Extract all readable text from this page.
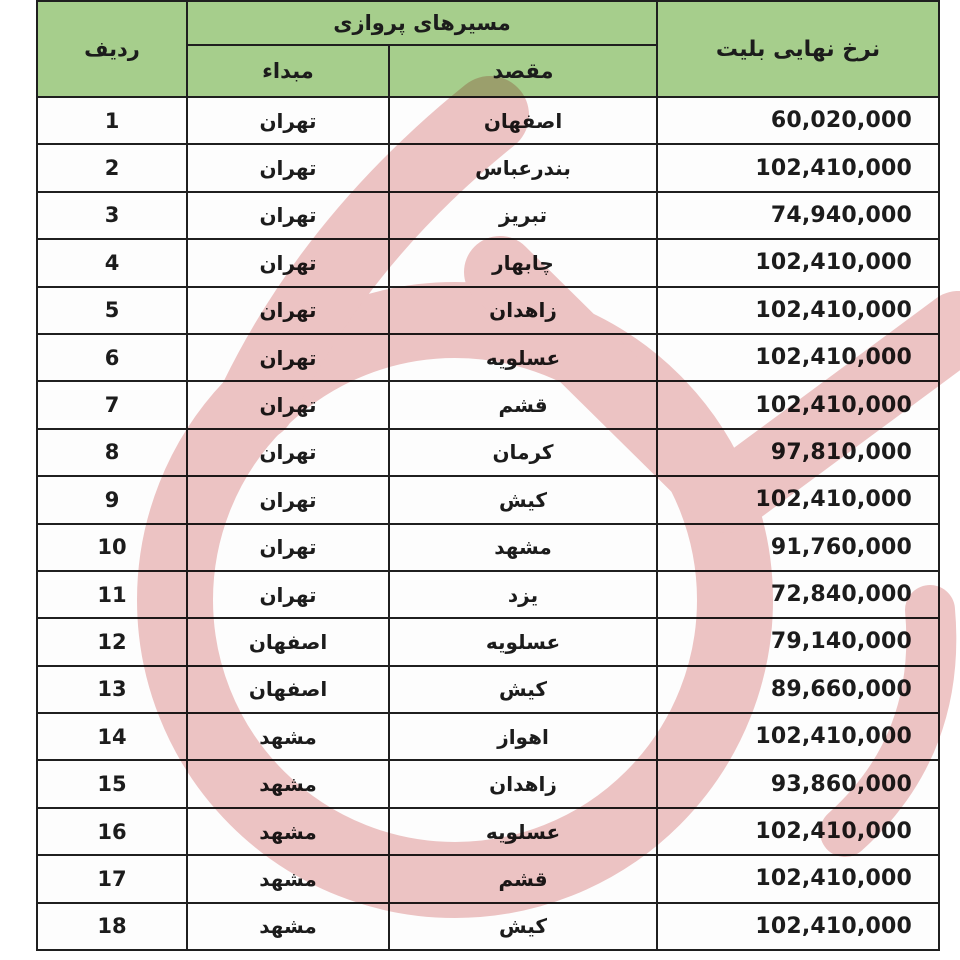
ردیف	مسیرهای پروازی		نرخ نهایی بلیت
	مبداء	مقصد	
1	تهران	اصفهان	60,020,000
2	تهران	بندرعباس	102,410,000
3	تهران	تبریز	74,940,000
4	تهران	چابهار	102,410,000
5	تهران	زاهدان	102,410,000
6	تهران	عسلویه	102,410,000
7	تهران	قشم	102,410,000
8	تهران	کرمان	97,810,000
9	تهران	کیش	102,410,000
10	تهران	مشهد	91,760,000
11	تهران	یزد	72,840,000
12	اصفهان	عسلویه	79,140,000
13	اصفهان	کیش	89,660,000
14	مشهد	اهواز	102,410,000
15	مشهد	زاهدان	93,860,000
16	مشهد	عسلویه	102,410,000
17	مشهد	قشم	102,410,000
18	مشهد	کیش	102,410,000
